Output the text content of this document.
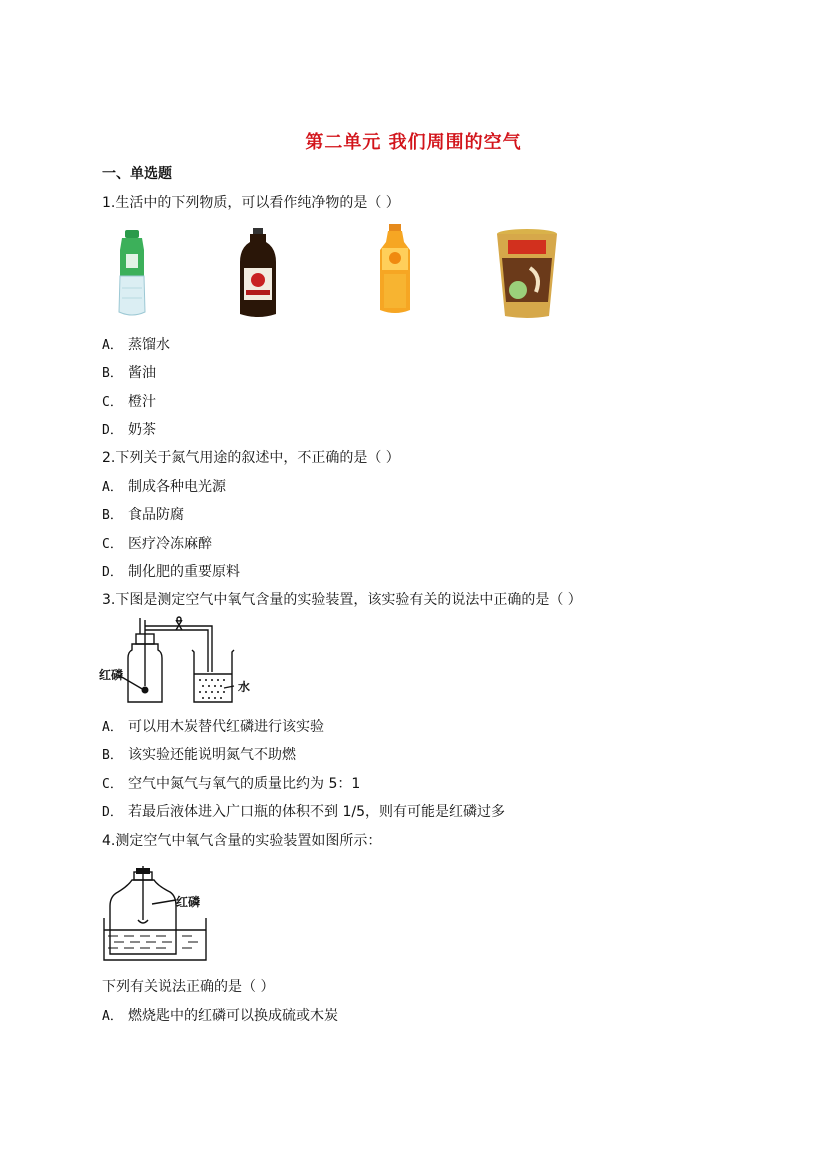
第二单元 我们周围的空气
一、单选题
1.生活中的下列物质，可以看作纯净物的是（ ）
A． 蒸馏水
B． 酱油
C． 橙汁
D． 奶茶
2.下列关于氮气用途的叙述中，不正确的是（ ）
A． 制成各种电光源
B． 食品防腐
C． 医疗冷冻麻醉
D． 制化肥的重要原料
3.下图是测定空气中氧气含量的实验装置，该实验有关的说法中正确的是（ ）
红磷
水
A． 可以用木炭替代红磷进行该实验
B． 该实验还能说明氮气不助燃
C． 空气中氮气与氧气的质量比约为 5：1
D． 若最后液体进入广口瓶的体积不到 1/5，则有可能是红磷过多
4.测定空气中氧气含量的实验装置如图所示：
红磷
下列有关说法正确的是（ ）
A． 燃烧匙中的红磷可以换成硫或木炭
